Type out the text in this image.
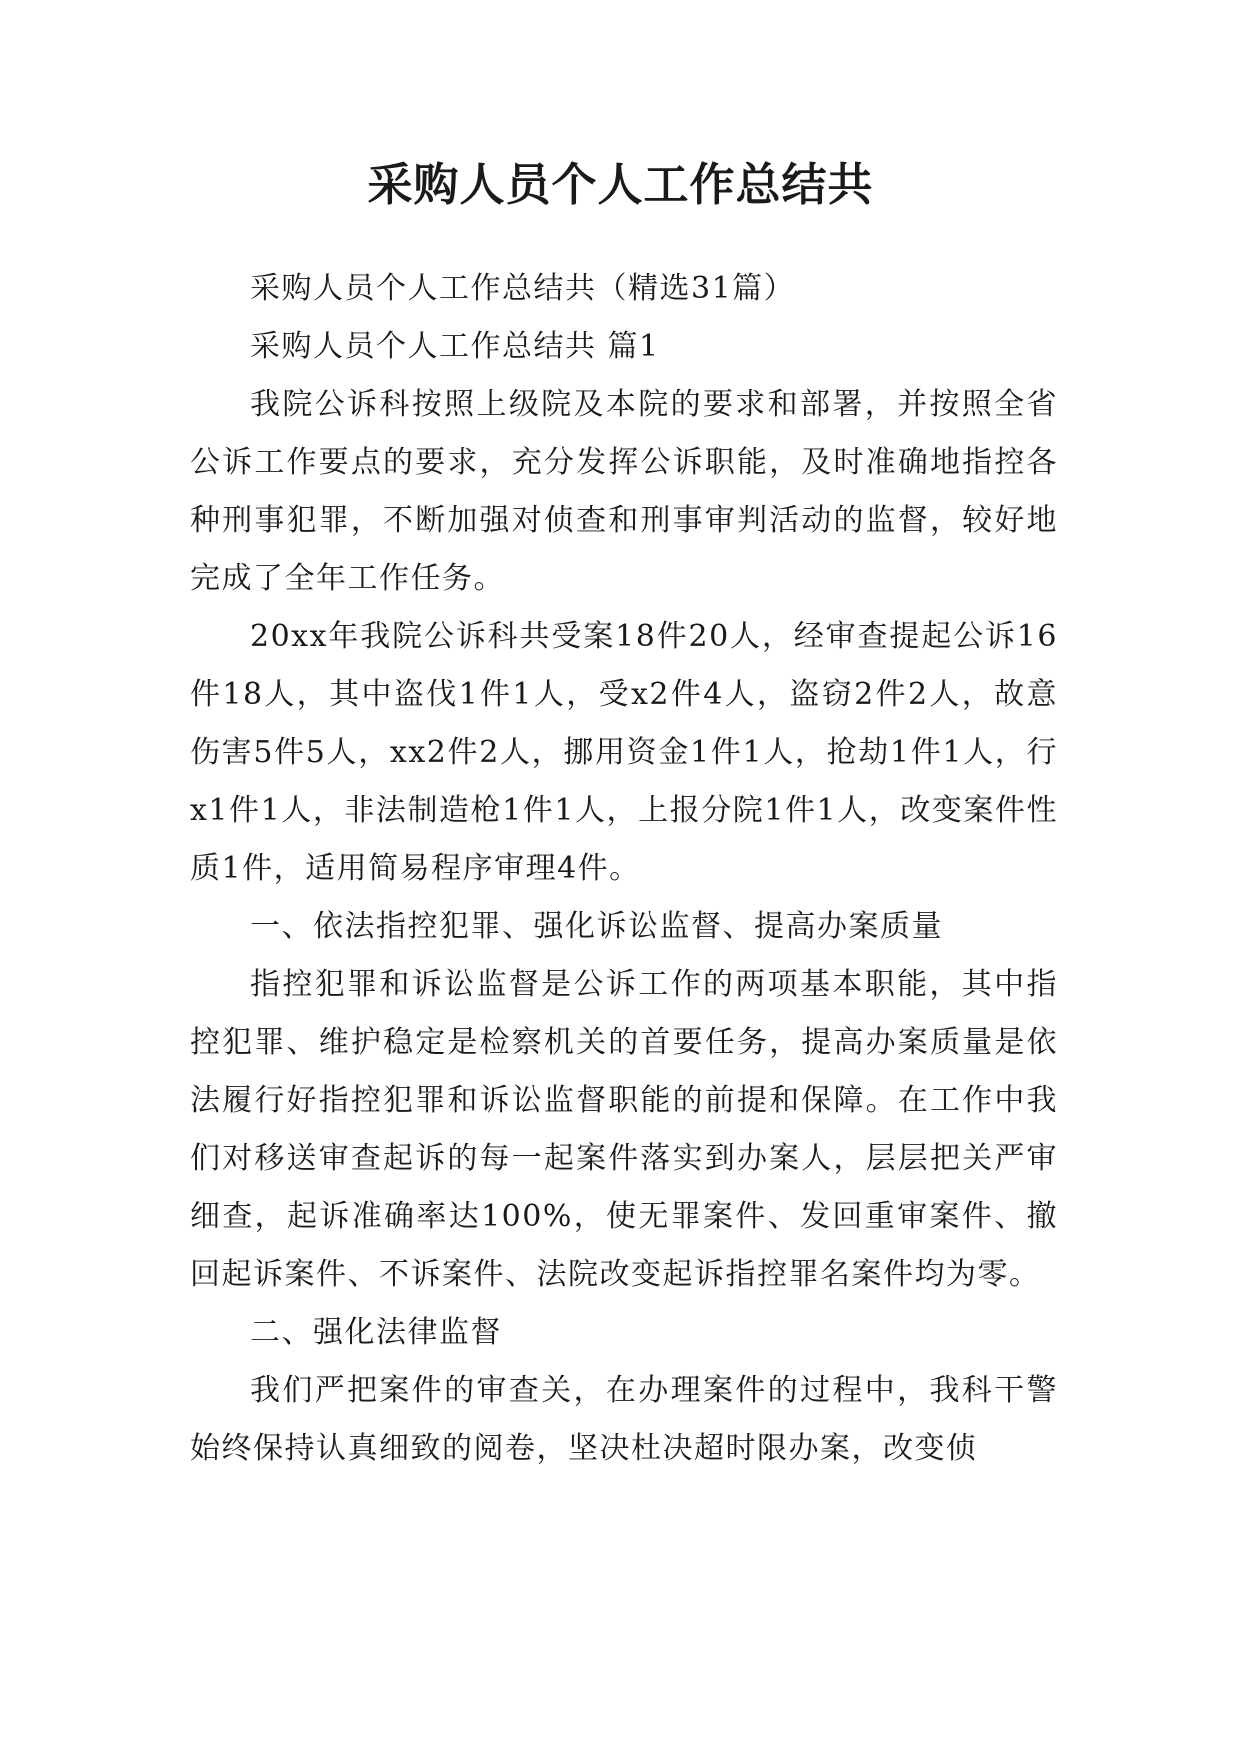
采购人员个人工作总结共

采购人员个人工作总结共（精选31篇）

采购人员个人工作总结共 篇1

我院公诉科按照上级院及本院的要求和部署，并按照全省公诉工作要点的要求，充分发挥公诉职能，及时准确地指控各种刑事犯罪，不断加强对侦查和刑事审判活动的监督，较好地完成了全年工作任务。

20xx年我院公诉科共受案18件20人，经审查提起公诉16件18人，其中盗伐1件1人，受x2件4人，盗窃2件2人，故意伤害5件5人，xx2件2人，挪用资金1件1人，抢劫1件1人，行x1件1人，非法制造枪1件1人，上报分院1件1人，改变案件性质1件，适用简易程序审理4件。

一、依法指控犯罪、强化诉讼监督、提高办案质量

指控犯罪和诉讼监督是公诉工作的两项基本职能，其中指控犯罪、维护稳定是检察机关的首要任务，提高办案质量是依法履行好指控犯罪和诉讼监督职能的前提和保障。在工作中我们对移送审查起诉的每一起案件落实到办案人，层层把关严审细查，起诉准确率达100%，使无罪案件、发回重审案件、撤回起诉案件、不诉案件、法院改变起诉指控罪名案件均为零。

二、强化法律监督

我们严把案件的审查关，在办理案件的过程中，我科干警始终保持认真细致的阅卷，坚决杜决超时限办案，改变侦
